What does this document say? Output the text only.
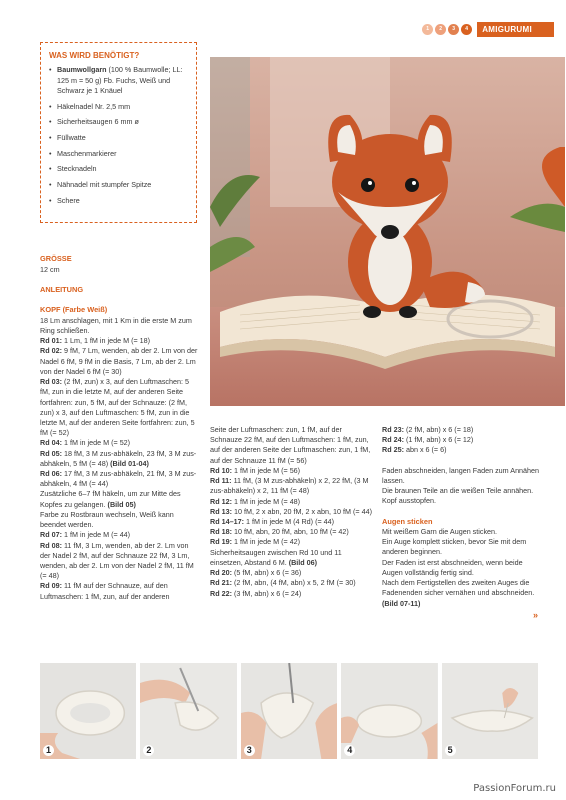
1	2	3	4	AMIGURUMI
WAS WIRD BENÖTIGT?
• Baumwollgarn (100 % Baumwolle; LL: 125 m = 50 g) Fb. Fuchs, Weiß und Schwarz je 1 Knäuel
• Häkelnadel Nr. 2,5 mm
• Sicherheitsaugen 6 mm ø
• Füllwatte
• Maschenmarkierer
• Stecknadeln
• Nähnadel mit stumpfer Spitze
• Schere
GRÖSSE
12 cm
ANLEITUNG
KOPF (Farbe Weiß)
18 Lm anschlagen, mit 1 Km in die erste M zum Ring schließen.
Rd 01: 1 Lm, 1 fM in jede M (= 18)
Rd 02: 9 fM, 7 Lm, wenden, ab der 2. Lm von der Nadel 6 fM, 9 fM in die Basis, 7 Lm, ab der 2. Lm von der Nadel 6 fM (= 30)
Rd 03: (2 fM, zun) x 3, auf den Luftmaschen: 5 fM, zun in die letzte M, auf der anderen Seite fortfahren: zun, 5 fM, auf der Schnauze: (2 fM, zun) x 3, auf den Luftmaschen: 5 fM, zun in die letzte M, auf der anderen Seite fortfahren: zun, 5 fM (= 52)
Rd 04: 1 fM in jede M (= 52)
Rd 05: 18 fM, 3 M zus-abhäkeln, 23 fM, 3 M zus-abhäkeln, 5 fM (= 48) (Bild 01-04)
Rd 06: 17 fM, 3 M zus-abhäkeln, 21 fM, 3 M zus-abhäkeln, 4 fM (= 44)
Zusätzliche 6–7 fM häkeln, um zur Mitte des Kopfes zu gelangen. (Bild 05)
Farbe zu Rostbraun wechseln, Weiß kann beendet werden.
Rd 07: 1 fM in jede M (= 44)
Rd 08: 11 fM, 3 Lm, wenden, ab der 2. Lm von der Nadel 2 fM, auf der Schnauze 22 fM, 3 Lm, wenden, ab der 2. Lm von der Nadel 2 fM, 11 fM (= 48)
Rd 09: 11 fM auf der Schnauze, auf den Luftmaschen: 1 fM, zun, auf der anderen
Seite der Luftmaschen: zun, 1 fM, auf der Schnauze 22 fM, auf den Luftmaschen: 1 fM, zun, auf der anderen Seite der Luftmaschen: zun, 1 fM, auf der Schnauze 11 fM (= 56)
Rd 10: 1 fM in jede M (= 56)
Rd 11: 11 fM, (3 M zus-abhäkeln) x 2, 22 fM, (3 M zus-abhäkeln) x 2, 11 fM (= 48)
Rd 12: 1 fM in jede M (= 48)
Rd 13: 10 fM, 2 x abn, 20 fM, 2 x abn, 10 fM (= 44)
Rd 14–17: 1 fM in jede M (4 Rd) (= 44)
Rd 18: 10 fM, abn, 20 fM, abn, 10 fM (= 42)
Rd 19: 1 fM in jede M (= 42)
Sicherheitsaugen zwischen Rd 10 und 11 einsetzen, Abstand 6 M. (Bild 06)
Rd 20: (5 fM, abn) x 6 (= 36)
Rd 21: (2 fM, abn, (4 fM, abn) x 5, 2 fM (= 30)
Rd 22: (3 fM, abn) x 6 (= 24)
Rd 23: (2 fM, abn) x 6 (= 18)
Rd 24: (1 fM, abn) x 6 (= 12)
Rd 25: abn x 6 (= 6)
Faden abschneiden, langen Faden zum Annähen lassen.
Die braunen Teile an die weißen Teile annähen. Kopf ausstopfen.
Augen sticken
Mit weißem Garn die Augen sticken.
Ein Auge komplett sticken, bevor Sie mit dem anderen beginnen.
Der Faden ist erst abschneiden, wenn beide Augen vollständig fertig sind.
Nach dem Fertigstellen des zweiten Auges die Fadenenden sicher vernähen und abschneiden. (Bild 07-11)
»
1	2	3	4	5
PassionForum.ru
